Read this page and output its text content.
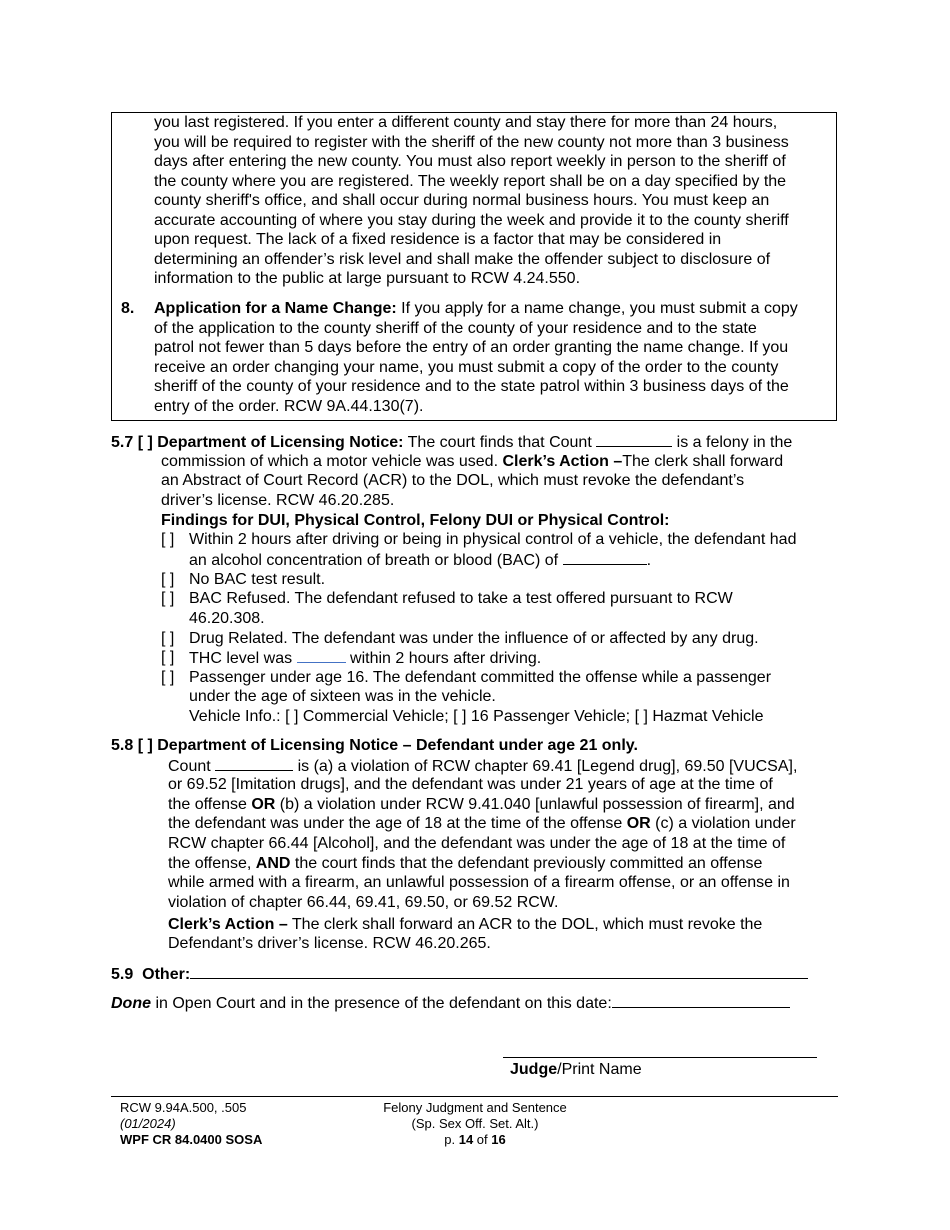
you last registered. If you enter a different county and stay there for more than 24 hours,
you will be required to register with the sheriff of the new county not more than 3 business
days after entering the new county. You must also report weekly in person to the sheriff of
the county where you are registered. The weekly report shall be on a day specified by the
county sheriff's office, and shall occur during normal business hours. You must keep an
accurate accounting of where you stay during the week and provide it to the county sheriff
upon request. The lack of a fixed residence is a factor that may be considered in
determining an offender’s risk level and shall make the offender subject to disclosure of
information to the public at large pursuant to RCW 4.24.550.
8. Application for a Name Change: If you apply for a name change, you must submit a copy
of the application to the county sheriff of the county of your residence and to the state
patrol not fewer than 5 days before the entry of an order granting the name change. If you
receive an order changing your name, you must submit a copy of the order to the county
sheriff of the county of your residence and to the state patrol within 3 business days of the
entry of the order. RCW 9A.44.130(7).
5.7 [ ] Department of Licensing Notice: The court finds that Count	is a felony in the
commission of which a motor vehicle was used. Clerk’s Action –The clerk shall forward
an Abstract of Court Record (ACR) to the DOL, which must revoke the defendant’s
driver’s license. RCW 46.20.285.
Findings for DUI, Physical Control, Felony DUI or Physical Control:
[ ] Within 2 hours after driving or being in physical control of a vehicle, the defendant had
an alcohol concentration of breath or blood (BAC) of	.
[ ] No BAC test result.
[ ] BAC Refused. The defendant refused to take a test offered pursuant to RCW
46.20.308.
[ ] Drug Related. The defendant was under the influence of or affected by any drug.
[ ] THC level was	within 2 hours after driving.
[ ] Passenger under age 16. The defendant committed the offense while a passenger
under the age of sixteen was in the vehicle.
Vehicle Info.: [ ] Commercial Vehicle; [ ] 16 Passenger Vehicle; [ ] Hazmat Vehicle
5.8 [ ] Department of Licensing Notice – Defendant under age 21 only.
Count	is (a) a violation of RCW chapter 69.41 [Legend drug], 69.50 [VUCSA],
or 69.52 [Imitation drugs], and the defendant was under 21 years of age at the time of
the offense OR (b) a violation under RCW 9.41.040 [unlawful possession of firearm], and
the defendant was under the age of 18 at the time of the offense OR (c) a violation under
RCW chapter 66.44 [Alcohol], and the defendant was under the age of 18 at the time of
the offense, AND the court finds that the defendant previously committed an offense
while armed with a firearm, an unlawful possession of a firearm offense, or an offense in
violation of chapter 66.44, 69.41, 69.50, or 69.52 RCW.
Clerk’s Action – The clerk shall forward an ACR to the DOL, which must revoke the
Defendant’s driver’s license. RCW 46.20.265.
5.9 Other:
Done in Open Court and in the presence of the defendant on this date:
Judge/Print Name
RCW 9.94A.500, .505
(01/2024)
WPF CR 84.0400 SOSA
Felony Judgment and Sentence
(Sp. Sex Off. Set. Alt.)
p. 14 of 16
